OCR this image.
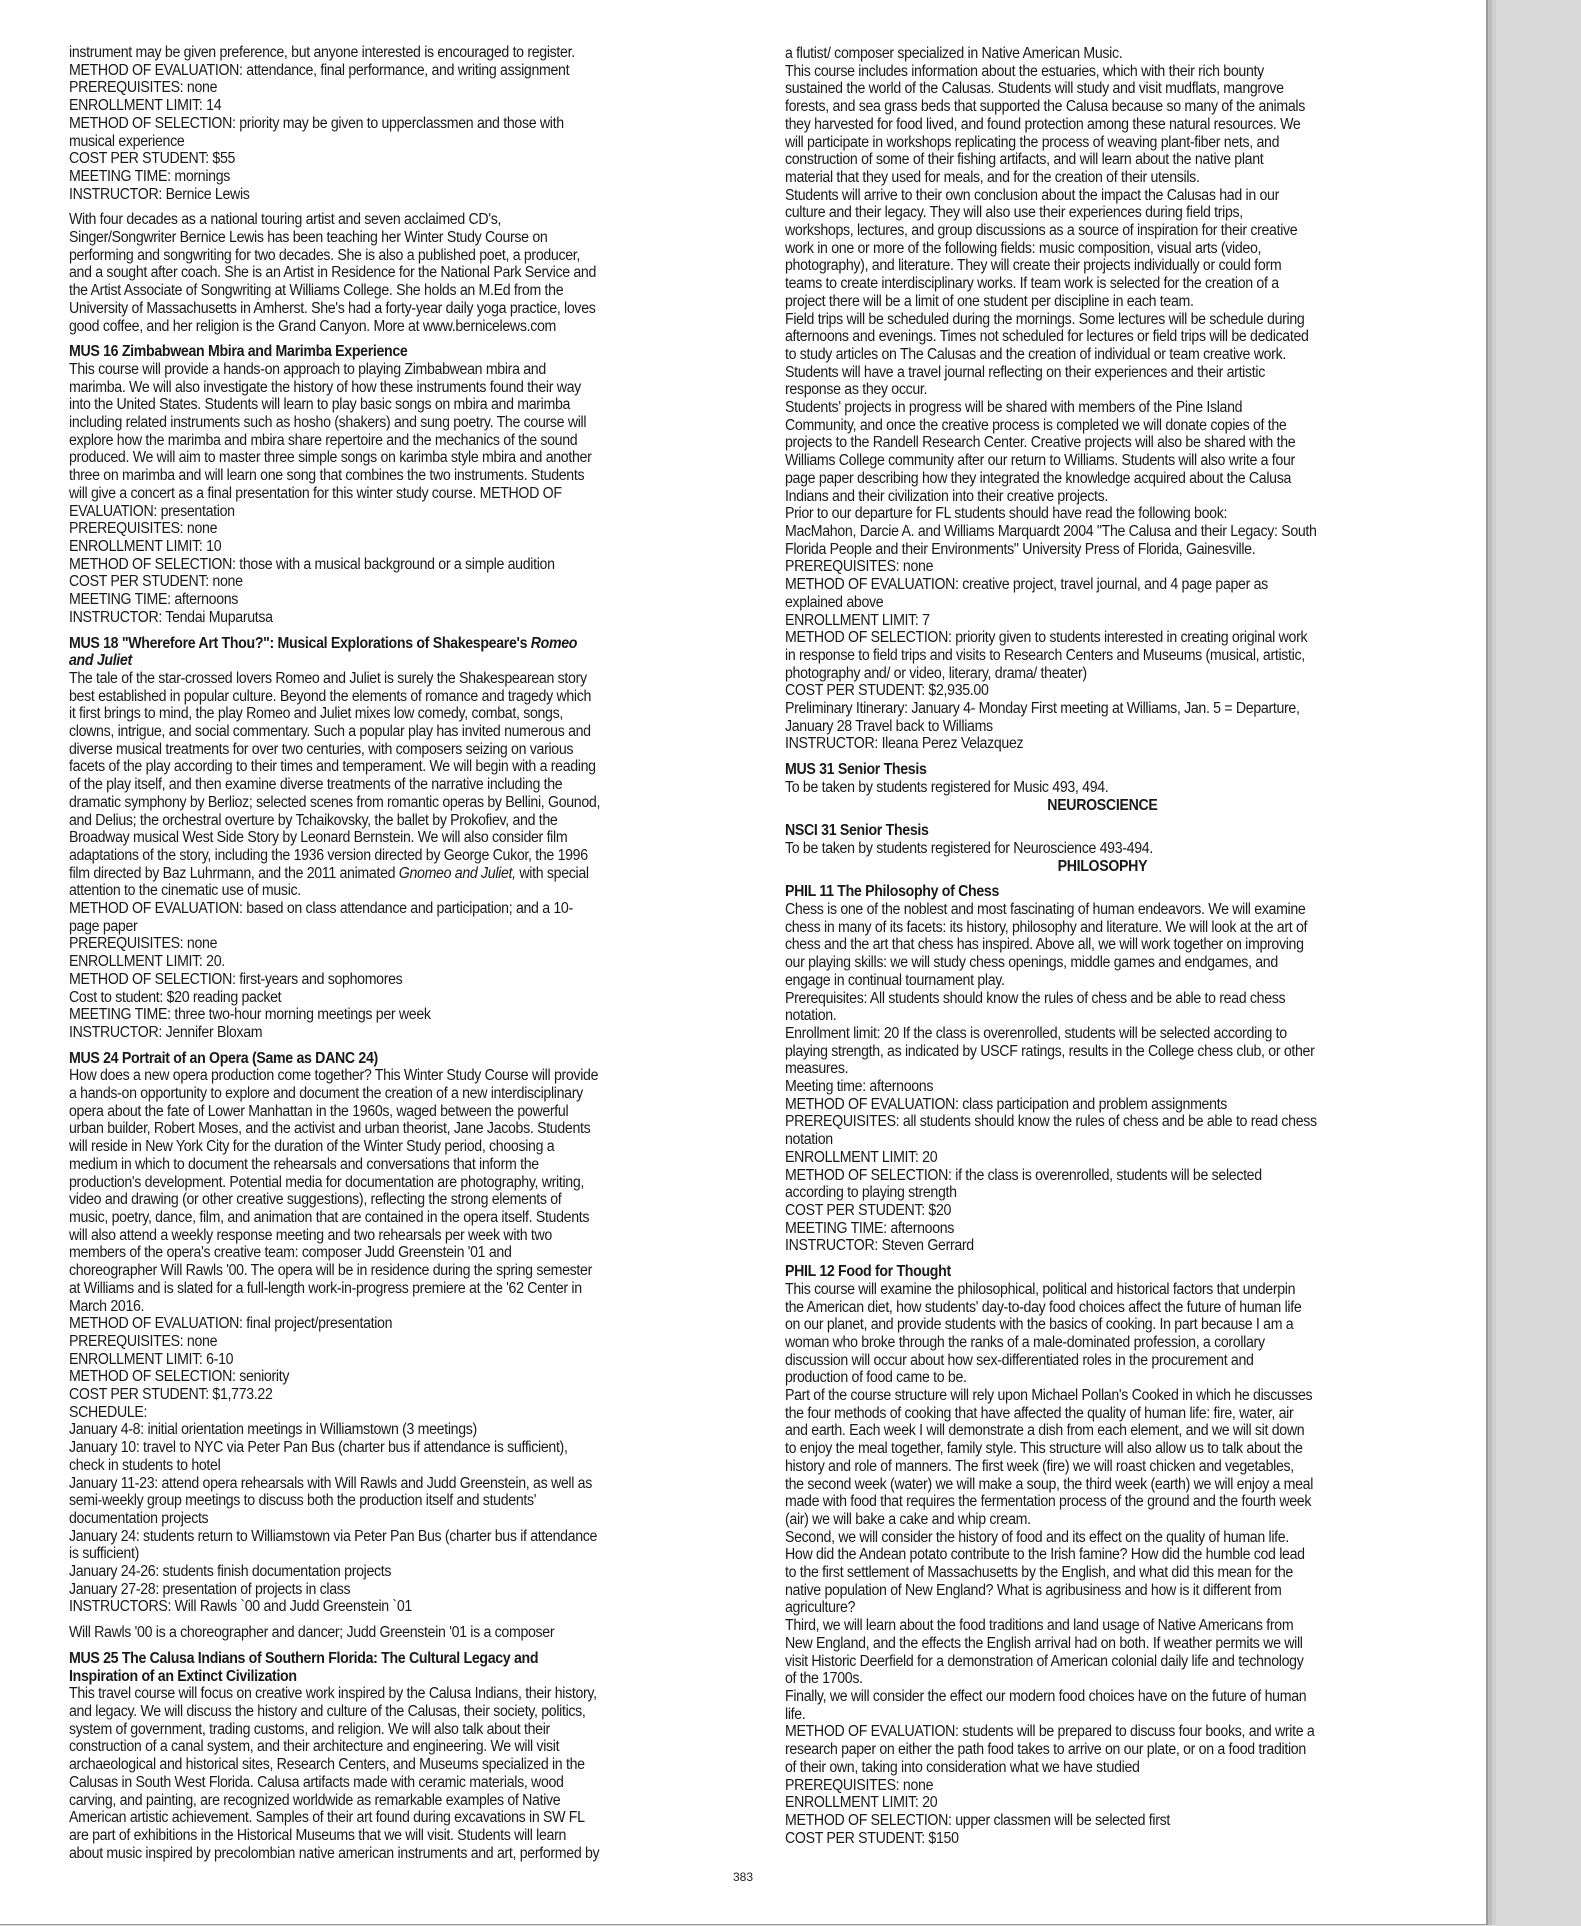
instrument may be given preference, but anyone interested is encouraged to register.
METHOD OF EVALUATION: attendance, final performance, and writing assignment
PREREQUISITES: none
ENROLLMENT LIMIT: 14
METHOD OF SELECTION: priority may be given to upperclassmen and those with
musical experience
COST PER STUDENT: $55
MEETING TIME: mornings
INSTRUCTOR: Bernice Lewis
With four decades as a national touring artist and seven acclaimed CD's,
Singer/Songwriter Bernice Lewis has been teaching her Winter Study Course on
performing and songwriting for two decades. She is also a published poet, a producer,
and a sought after coach. She is an Artist in Residence for the National Park Service and
the Artist Associate of Songwriting at Williams College. She holds an M.Ed from the
University of Massachusetts in Amherst. She's had a forty-year daily yoga practice, loves
good coffee, and her religion is the Grand Canyon. More at www.bernicelews.com
MUS 16 Zimbabwean Mbira and Marimba Experience
This course will provide a hands-on approach to playing Zimbabwean mbira and
marimba. We will also investigate the history of how these instruments found their way
into the United States. Students will learn to play basic songs on mbira and marimba
including related instruments such as hosho (shakers) and sung poetry. The course will
explore how the marimba and mbira share repertoire and the mechanics of the sound
produced. We will aim to master three simple songs on karimba style mbira and another
three on marimba and will learn one song that combines the two instruments. Students
will give a concert as a final presentation for this winter study course. METHOD OF
EVALUATION: presentation
PREREQUISITES: none
ENROLLMENT LIMIT: 10
METHOD OF SELECTION: those with a musical background or a simple audition
COST PER STUDENT: none
MEETING TIME: afternoons
INSTRUCTOR: Tendai Muparutsa
MUS 18 "Wherefore Art Thou?": Musical Explorations of Shakespeare's Romeo
and Juliet
The tale of the star-crossed lovers Romeo and Juliet is surely the Shakespearean story
best established in popular culture. Beyond the elements of romance and tragedy which
it first brings to mind, the play Romeo and Juliet mixes low comedy, combat, songs,
clowns, intrigue, and social commentary. Such a popular play has invited numerous and
diverse musical treatments for over two centuries, with composers seizing on various
facets of the play according to their times and temperament. We will begin with a reading
of the play itself, and then examine diverse treatments of the narrative including the
dramatic symphony by Berlioz; selected scenes from romantic operas by Bellini, Gounod,
and Delius; the orchestral overture by Tchaikovsky, the ballet by Prokofiev, and the
Broadway musical West Side Story by Leonard Bernstein. We will also consider film
adaptations of the story, including the 1936 version directed by George Cukor, the 1996
film directed by Baz Luhrmann, and the 2011 animated Gnomeo and Juliet, with special
attention to the cinematic use of music.
METHOD OF EVALUATION: based on class attendance and participation; and a 10-
page paper
PREREQUISITES: none
ENROLLMENT LIMIT: 20.
METHOD OF SELECTION: first-years and sophomores
Cost to student: $20 reading packet
MEETING TIME: three two-hour morning meetings per week
INSTRUCTOR: Jennifer Bloxam
MUS 24 Portrait of an Opera (Same as DANC 24)
How does a new opera production come together? This Winter Study Course will provide
a hands-on opportunity to explore and document the creation of a new interdisciplinary
opera about the fate of Lower Manhattan in the 1960s, waged between the powerful
urban builder, Robert Moses, and the activist and urban theorist, Jane Jacobs. Students
will reside in New York City for the duration of the Winter Study period, choosing a
medium in which to document the rehearsals and conversations that inform the
production's development. Potential media for documentation are photography, writing,
video and drawing (or other creative suggestions), reflecting the strong elements of
music, poetry, dance, film, and animation that are contained in the opera itself. Students
will also attend a weekly response meeting and two rehearsals per week with two
members of the opera's creative team: composer Judd Greenstein '01 and
choreographer Will Rawls '00. The opera will be in residence during the spring semester
at Williams and is slated for a full-length work-in-progress premiere at the '62 Center in
March 2016.
METHOD OF EVALUATION: final project/presentation
PREREQUISITES: none
ENROLLMENT LIMIT: 6-10
METHOD OF SELECTION: seniority
COST PER STUDENT: $1,773.22
SCHEDULE:
January 4-8: initial orientation meetings in Williamstown (3 meetings)
January 10: travel to NYC via Peter Pan Bus (charter bus if attendance is sufficient),
check in students to hotel
January 11-23: attend opera rehearsals with Will Rawls and Judd Greenstein, as well as
semi-weekly group meetings to discuss both the production itself and students'
documentation projects
January 24: students return to Williamstown via Peter Pan Bus (charter bus if attendance
is sufficient)
January 24-26: students finish documentation projects
January 27-28: presentation of projects in class
INSTRUCTORS: Will Rawls `00 and Judd Greenstein `01
Will Rawls '00 is a choreographer and dancer; Judd Greenstein '01 is a composer
MUS 25 The Calusa Indians of Southern Florida: The Cultural Legacy and
Inspiration of an Extinct Civilization
This travel course will focus on creative work inspired by the Calusa Indians, their history,
and legacy. We will discuss the history and culture of the Calusas, their society, politics,
system of government, trading customs, and religion. We will also talk about their
construction of a canal system, and their architecture and engineering. We will visit
archaeological and historical sites, Research Centers, and Museums specialized in the
Calusas in South West Florida. Calusa artifacts made with ceramic materials, wood
carving, and painting, are recognized worldwide as remarkable examples of Native
American artistic achievement. Samples of their art found during excavations in SW FL
are part of exhibitions in the Historical Museums that we will visit. Students will learn
about music inspired by precolombian native american instruments and art, performed by
a flutist/ composer specialized in Native American Music.
This course includes information about the estuaries, which with their rich bounty
sustained the world of the Calusas. Students will study and visit mudflats, mangrove
forests, and sea grass beds that supported the Calusa because so many of the animals
they harvested for food lived, and found protection among these natural resources. We
will participate in workshops replicating the process of weaving plant-fiber nets, and
construction of some of their fishing artifacts, and will learn about the native plant
material that they used for meals, and for the creation of their utensils.
Students will arrive to their own conclusion about the impact the Calusas had in our
culture and their legacy. They will also use their experiences during field trips,
workshops, lectures, and group discussions as a source of inspiration for their creative
work in one or more of the following fields: music composition, visual arts (video,
photography), and literature. They will create their projects individually or could form
teams to create interdisciplinary works. If team work is selected for the creation of a
project there will be a limit of one student per discipline in each team.
Field trips will be scheduled during the mornings. Some lectures will be schedule during
afternoons and evenings. Times not scheduled for lectures or field trips will be dedicated
to study articles on The Calusas and the creation of individual or team creative work.
Students will have a travel journal reflecting on their experiences and their artistic
response as they occur.
Students' projects in progress will be shared with members of the Pine Island
Community, and once the creative process is completed we will donate copies of the
projects to the Randell Research Center. Creative projects will also be shared with the
Williams College community after our return to Williams. Students will also write a four
page paper describing how they integrated the knowledge acquired about the Calusa
Indians and their civilization into their creative projects.
Prior to our departure for FL students should have read the following book:
MacMahon, Darcie A. and Williams Marquardt 2004 "The Calusa and their Legacy: South
Florida People and their Environments" University Press of Florida, Gainesville.
PREREQUISITES: none
METHOD OF EVALUATION: creative project, travel journal, and 4 page paper as
explained above
ENROLLMENT LIMIT: 7
METHOD OF SELECTION: priority given to students interested in creating original work
in response to field trips and visits to Research Centers and Museums (musical, artistic,
photography and/ or video, literary, drama/ theater)
COST PER STUDENT: $2,935.00
Preliminary Itinerary: January 4- Monday First meeting at Williams, Jan. 5 = Departure,
January 28 Travel back to Williams
INSTRUCTOR: Ileana Perez Velazquez
MUS 31 Senior Thesis
To be taken by students registered for Music 493, 494.
NEUROSCIENCE
NSCI 31 Senior Thesis
To be taken by students registered for Neuroscience 493-494.
PHILOSOPHY
PHIL 11 The Philosophy of Chess
Chess is one of the noblest and most fascinating of human endeavors. We will examine
chess in many of its facets: its history, philosophy and literature. We will look at the art of
chess and the art that chess has inspired. Above all, we will work together on improving
our playing skills: we will study chess openings, middle games and endgames, and
engage in continual tournament play.
Prerequisites: All students should know the rules of chess and be able to read chess
notation.
Enrollment limit: 20 If the class is overenrolled, students will be selected according to
playing strength, as indicated by USCF ratings, results in the College chess club, or other
measures.
Meeting time: afternoons
METHOD OF EVALUATION: class participation and problem assignments
PREREQUISITES: all students should know the rules of chess and be able to read chess
notation
ENROLLMENT LIMIT: 20
METHOD OF SELECTION: if the class is overenrolled, students will be selected
according to playing strength
COST PER STUDENT: $20
MEETING TIME: afternoons
INSTRUCTOR: Steven Gerrard
PHIL 12 Food for Thought
This course will examine the philosophical, political and historical factors that underpin
the American diet, how students' day-to-day food choices affect the future of human life
on our planet, and provide students with the basics of cooking. In part because I am a
woman who broke through the ranks of a male-dominated profession, a corollary
discussion will occur about how sex-differentiated roles in the procurement and
production of food came to be.
Part of the course structure will rely upon Michael Pollan's Cooked in which he discusses
the four methods of cooking that have affected the quality of human life: fire, water, air
and earth. Each week I will demonstrate a dish from each element, and we will sit down
to enjoy the meal together, family style. This structure will also allow us to talk about the
history and role of manners. The first week (fire) we will roast chicken and vegetables,
the second week (water) we will make a soup, the third week (earth) we will enjoy a meal
made with food that requires the fermentation process of the ground and the fourth week
(air) we will bake a cake and whip cream.
Second, we will consider the history of food and its effect on the quality of human life.
How did the Andean potato contribute to the Irish famine? How did the humble cod lead
to the first settlement of Massachusetts by the English, and what did this mean for the
native population of New England? What is agribusiness and how is it different from
agriculture?
Third, we will learn about the food traditions and land usage of Native Americans from
New England, and the effects the English arrival had on both. If weather permits we will
visit Historic Deerfield for a demonstration of American colonial daily life and technology
of the 1700s.
Finally, we will consider the effect our modern food choices have on the future of human
life.
METHOD OF EVALUATION: students will be prepared to discuss four books, and write a
research paper on either the path food takes to arrive on our plate, or on a food tradition
of their own, taking into consideration what we have studied
PREREQUISITES: none
ENROLLMENT LIMIT: 20
METHOD OF SELECTION: upper classmen will be selected first
COST PER STUDENT: $150
383
